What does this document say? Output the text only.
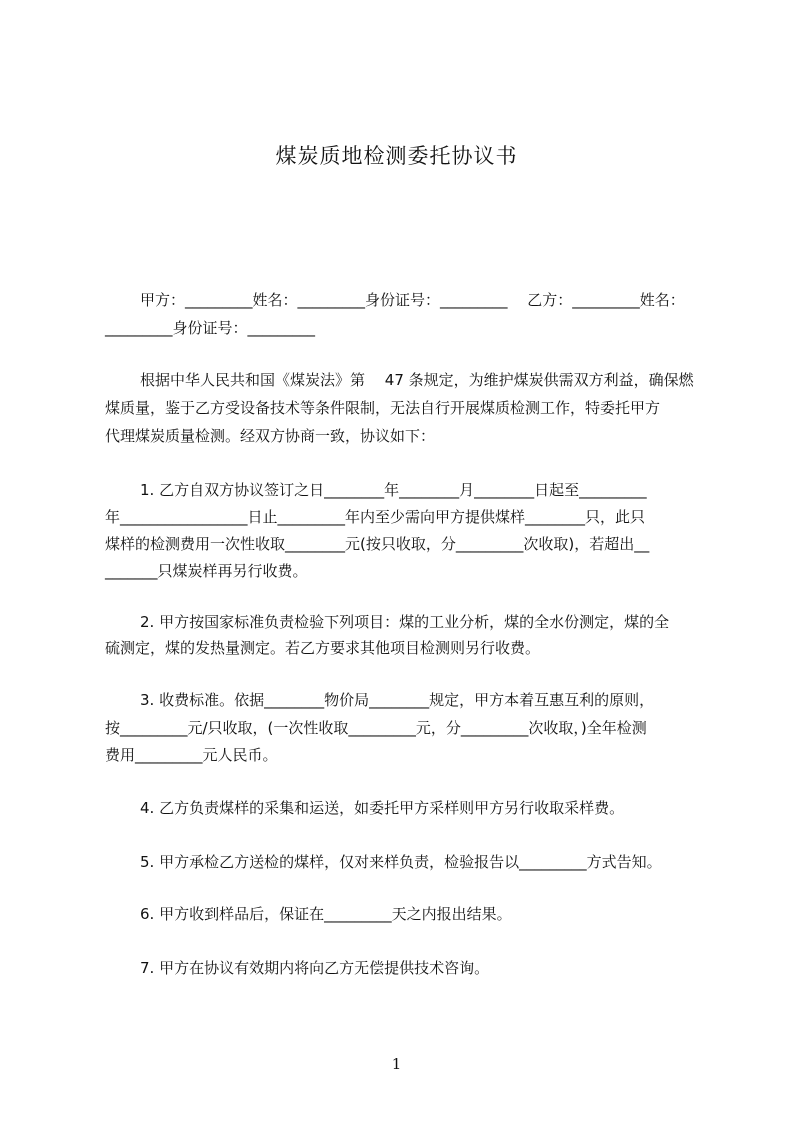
煤炭质地检测委托协议书
甲方：_________姓名：_________身份证号：_________　 乙方：_________姓名：
_________身份证号：_________
根据中华人民共和国《煤炭法》第　 47 条规定，为维护煤炭供需双方利益，确保燃
煤质量，鉴于乙方受设备技术等条件限制，无法自行开展煤质检测工作，特委托甲方
代理煤炭质量检测。经双方协商一致，协议如下：
1. 乙方自双方协议签订之日________年________月________日起至_________
年_________________日止_________年内至少需向甲方提供煤样________只，此只
煤样的检测费用一次性收取________元(按只收取，分_________次收取)，若超出__
_______只煤炭样再另行收费。
2. 甲方按国家标准负责检验下列项目：煤的工业分析，煤的全水份测定，煤的全
硫测定，煤的发热量测定。若乙方要求其他项目检测则另行收费。
3. 收费标准。依据________物价局________规定，甲方本着互惠互利的原则，
按_________元/只收取，(一次性收取_________元，分_________次收取，)全年检测
费用_________元人民币。
4. 乙方负责煤样的采集和运送，如委托甲方采样则甲方另行收取采样费。
5. 甲方承检乙方送检的煤样，仅对来样负责，检验报告以_________方式告知。
6. 甲方收到样品后，保证在_________天之内报出结果。
7. 甲方在协议有效期内将向乙方无偿提供技术咨询。
1
